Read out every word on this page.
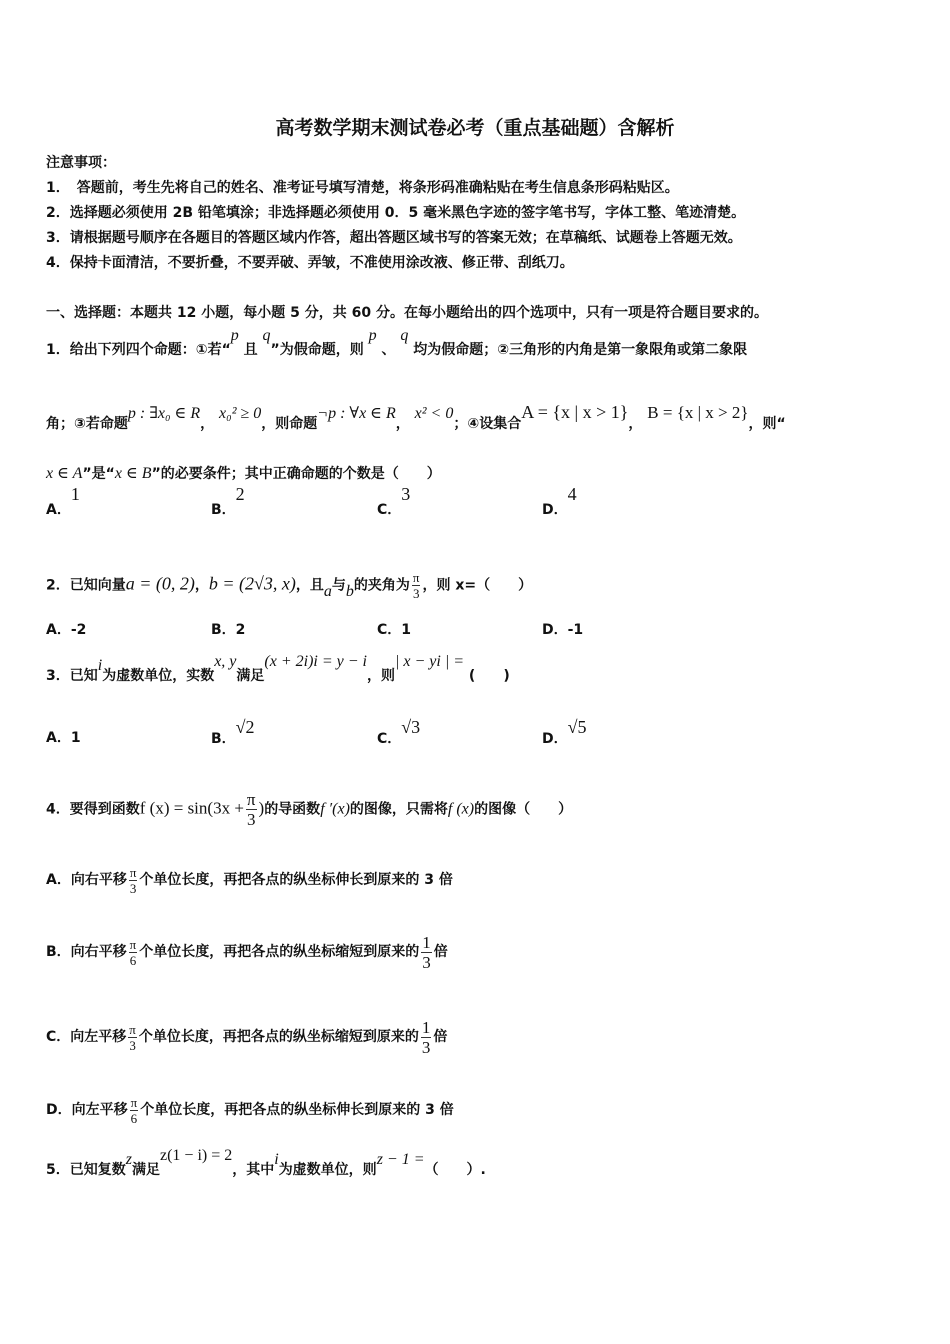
高考数学期末测试卷必考（重点基础题）含解析
注意事项：
1．　答题前，考生先将自己的姓名、准考证号填写清楚，将条形码准确粘贴在考生信息条形码粘贴区。
2．选择题必须使用 2B 铅笔填涂；非选择题必须使用 0．5 毫米黑色字迹的签字笔书写，字体工整、笔迹清楚。
3．请根据题号顺序在各题目的答题区域内作答，超出答题区域书写的答案无效；在草稿纸、试题卷上答题无效。
4．保持卡面清洁，不要折叠，不要弄破、弄皱，不准使用涂改液、修正带、刮纸刀。
一、选择题：本题共 12 小题，每小题 5 分，共 60 分。在每小题给出的四个选项中，只有一项是符合题目要求的。
1．给出下列四个命题：①若“p 且 q”为假命题，则 p 、 q 均为假命题；②三角形的内角是第一象限角或第二象限
角；③若命题p : ∃x₀ ∈ R， x₀² ≥ 0，则命题¬p : ∀x ∈ R， x² < 0；④设集合A = {x | x > 1}， B = {x | x > 2}，则“
x ∈ A”是“x ∈ B”的必要条件；其中正确命题的个数是（　　）
A．1
B．2
C．3
D．4
2．已知向量a = (0, 2)，b = (2√3, x)，且a与b的夹角为 $\frac{\pi}{3}$ ，则 x=（　　）
A．-2	B．2	C．1	D．-1
3．已知i为虚数单位，实数x, y满足(x + 2i)i = y − i，则| x − yi | = (　　)
A．1	B．√2
C．√3
D．√5
4．要得到函数f $(x) = \sin(3x + \frac{\pi}{3}$ )的导函数f ′(x)的图像，只需将f (x)的图像（　　）
A．向右平移 $\frac{\pi}{3}$ 个单位长度，再把各点的纵坐标伸长到原来的 3 倍
B．向右平移 $\frac{\pi}{6}$ 个单位长度，再把各点的纵坐标缩短到原来的 $\frac{1}{3}$ 倍
C．向左平移 $\frac{\pi}{3}$ 个单位长度，再把各点的纵坐标缩短到原来的 $\frac{1}{3}$ 倍
D．向左平移 $\frac{\pi}{6}$ 个单位长度，再把各点的纵坐标伸长到原来的 3 倍
5．已知复数z满足z(1 − i) = 2，其中i为虚数单位，则z − 1 =（　　）.
